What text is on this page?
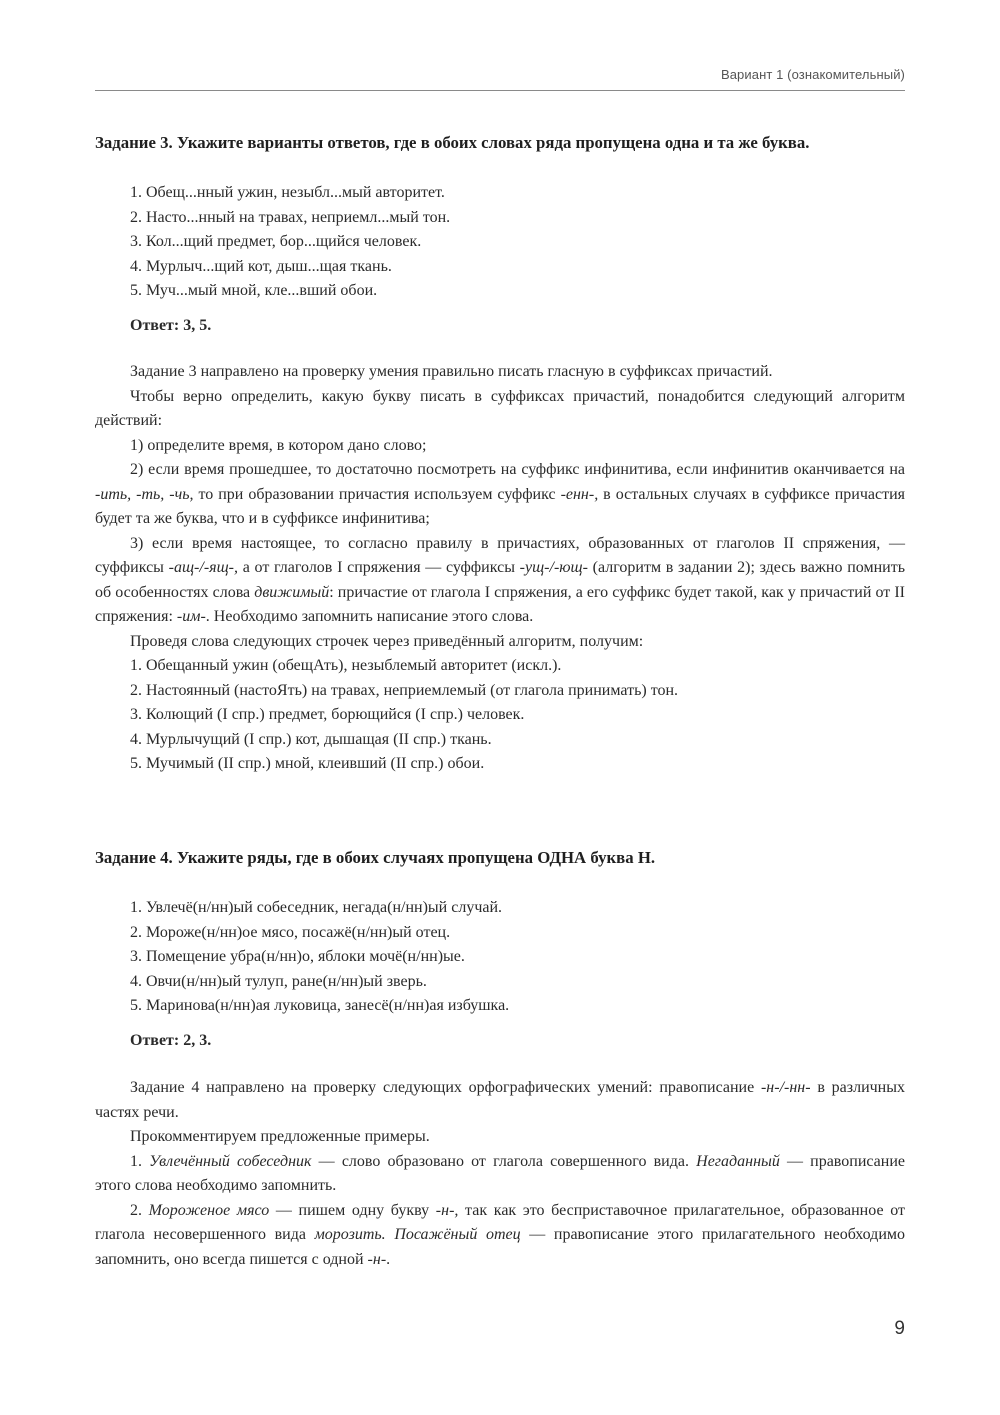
Вариант 1 (ознакомительный)
Задание 3. Укажите варианты ответов, где в обоих словах ряда пропущена одна и та же буква.
1. Обещ...нный ужин, незыбл...мый авторитет.
2. Насто...нный на травах, неприемл...мый тон.
3. Кол...щий предмет, бор...щийся человек.
4. Мурлыч...щий кот, дыш...щая ткань.
5. Муч...мый мной, кле...вший обои.
Ответ: 3, 5.

Задание 3 направлено на проверку умения правильно писать гласную в суффиксах причастий.

Чтобы верно определить, какую букву писать в суффиксах причастий, понадобится следующий алгоритм действий:

1) определите время, в котором дано слово;

2) если время прошедшее, то достаточно посмотреть на суффикс инфинитива, если инфинитив оканчивается на -ить, -ть, -чь, то при образовании причастия используем суффикс -енн-, в остальных случаях в суффиксе причастия будет та же буква, что и в суффиксе инфинитива;

3) если время настоящее, то согласно правилу в причастиях, образованных от глаголов II спряжения, — суффиксы -ащ-/-ящ-, а от глаголов I спряжения — суффиксы -ущ-/-ющ- (алгоритм в задании 2); здесь важно помнить об особенностях слова движимый: причастие от глагола I спряжения, а его суффикс будет такой, как у причастий от II спряжения: -им-. Необходимо запомнить написание этого слова.

Проведя слова следующих строчек через приведённый алгоритм, получим:

1. Обещанный ужин (обещАть), незыблемый авторитет (искл.).
2. Настоянный (настоЯть) на травах, неприемлемый (от глагола принимать) тон.
3. Колющий (I спр.) предмет, борющийся (I спр.) человек.
4. Мурлычущий (I спр.) кот, дышащая (II спр.) ткань.
5. Мучимый (II спр.) мной, клеивший (II спр.) обои.
Задание 4. Укажите ряды, где в обоих случаях пропущена ОДНА буква Н.
1. Увлечё(н/нн)ый собеседник, негада(н/нн)ый случай.
2. Мороже(н/нн)ое мясо, посажё(н/нн)ый отец.
3. Помещение убра(н/нн)о, яблоки мочё(н/нн)ые.
4. Овчи(н/нн)ый тулуп, ране(н/нн)ый зверь.
5. Маринова(н/нн)ая луковица, занесё(н/нн)ая избушка.
Ответ: 2, 3.

Задание 4 направлено на проверку следующих орфографических умений: правописание -н-/-нн- в различных частях речи.

Прокомментируем предложенные примеры.

1. Увлечённый собеседник — слово образовано от глагола совершенного вида. Негаданный — правописание этого слова необходимо запомнить.

2. Мороженое мясо — пишем одну букву -н-, так как это бесприставочное прилагательное, образованное от глагола несовершенного вида морозить. Посажёный отец — правописание этого прилагательного необходимо запомнить, оно всегда пишется с одной -н-.

9
